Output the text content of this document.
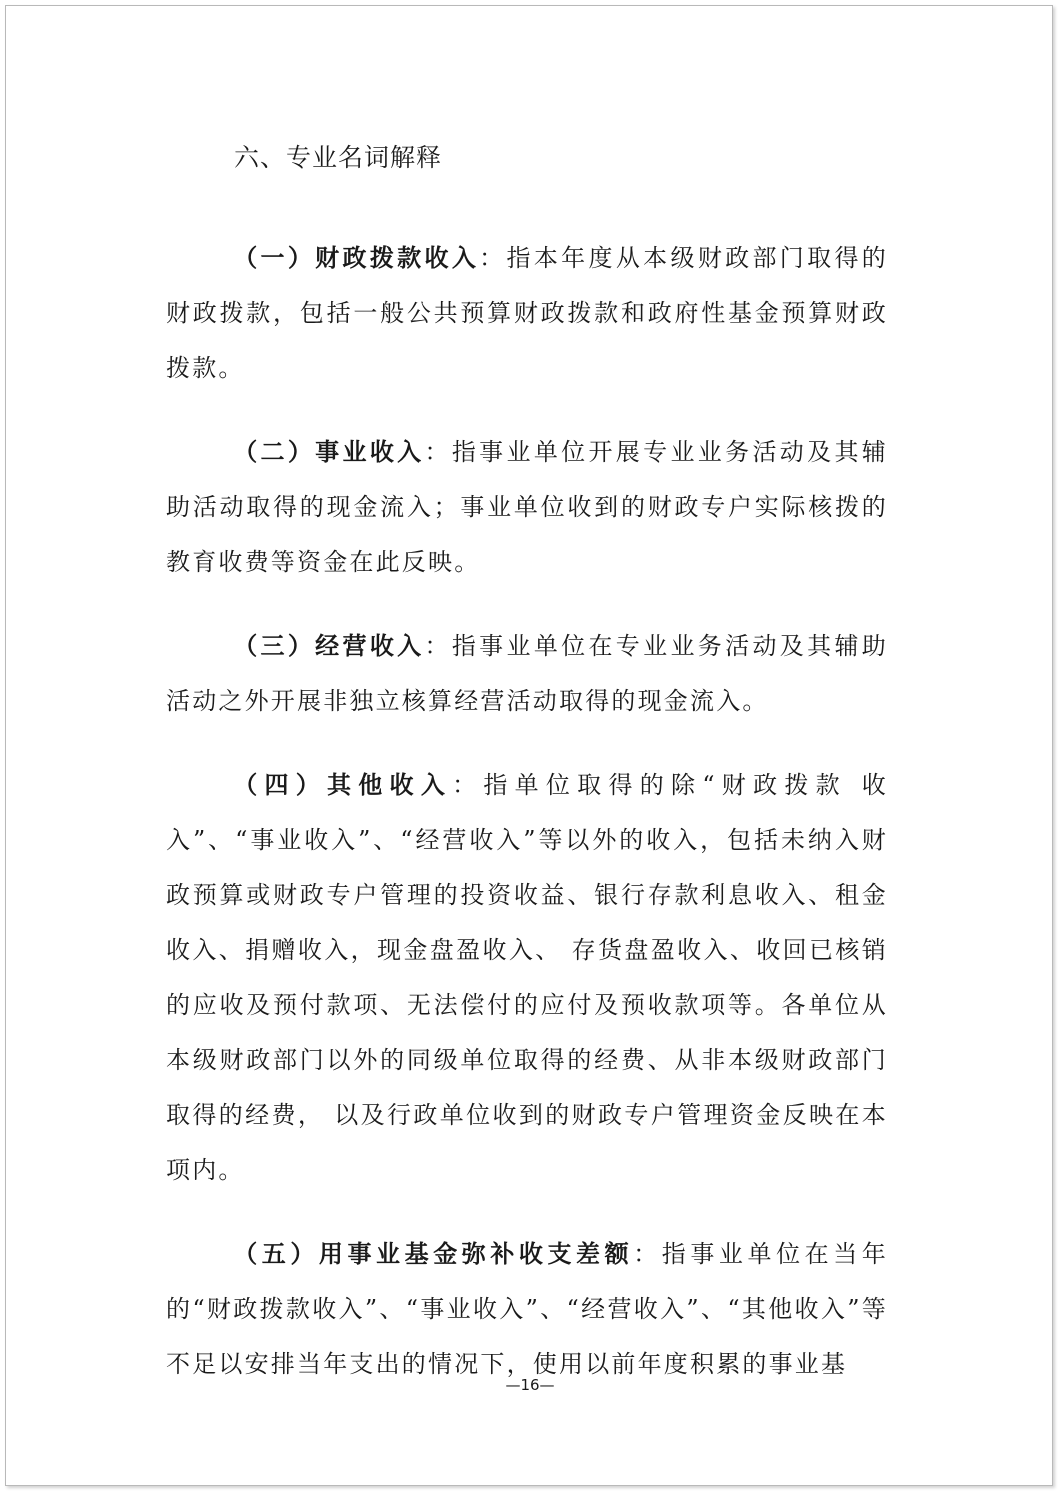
六、专业名词解释

（一）财政拨款收入：指本年度从本级财政部门取得的财政拨款，包括一般公共预算财政拨款和政府性基金预算财政拨款。

（二）事业收入：指事业单位开展专业业务活动及其辅助活动取得的现金流入；事业单位收到的财政专户实际核拨的教育收费等资金在此反映。

（三）经营收入：指事业单位在专业业务活动及其辅助活动之外开展非独立核算经营活动取得的现金流入。

（四）其他收入：指单位取得的除“财政拨款 收入”、“事业收入”、“经营收入”等以外的收入，包括未纳入财政预算或财政专户管理的投资收益、银行存款利息收入、租金收入、捐赠收入，现金盘盈收入、 存货盘盈收入、收回已核销的应收及预付款项、无法偿付的应付及预收款项等。各单位从本级财政部门以外的同级单位取得的经费、从非本级财政部门取得的经费， 以及行政单位收到的财政专户管理资金反映在本项内。

（五）用事业基金弥补收支差额：指事业单位在当年的“财政拨款收入”、“事业收入”、“经营收入”、“其他收入”等不足以安排当年支出的情况下，使用以前年度积累的事业基

—16—
